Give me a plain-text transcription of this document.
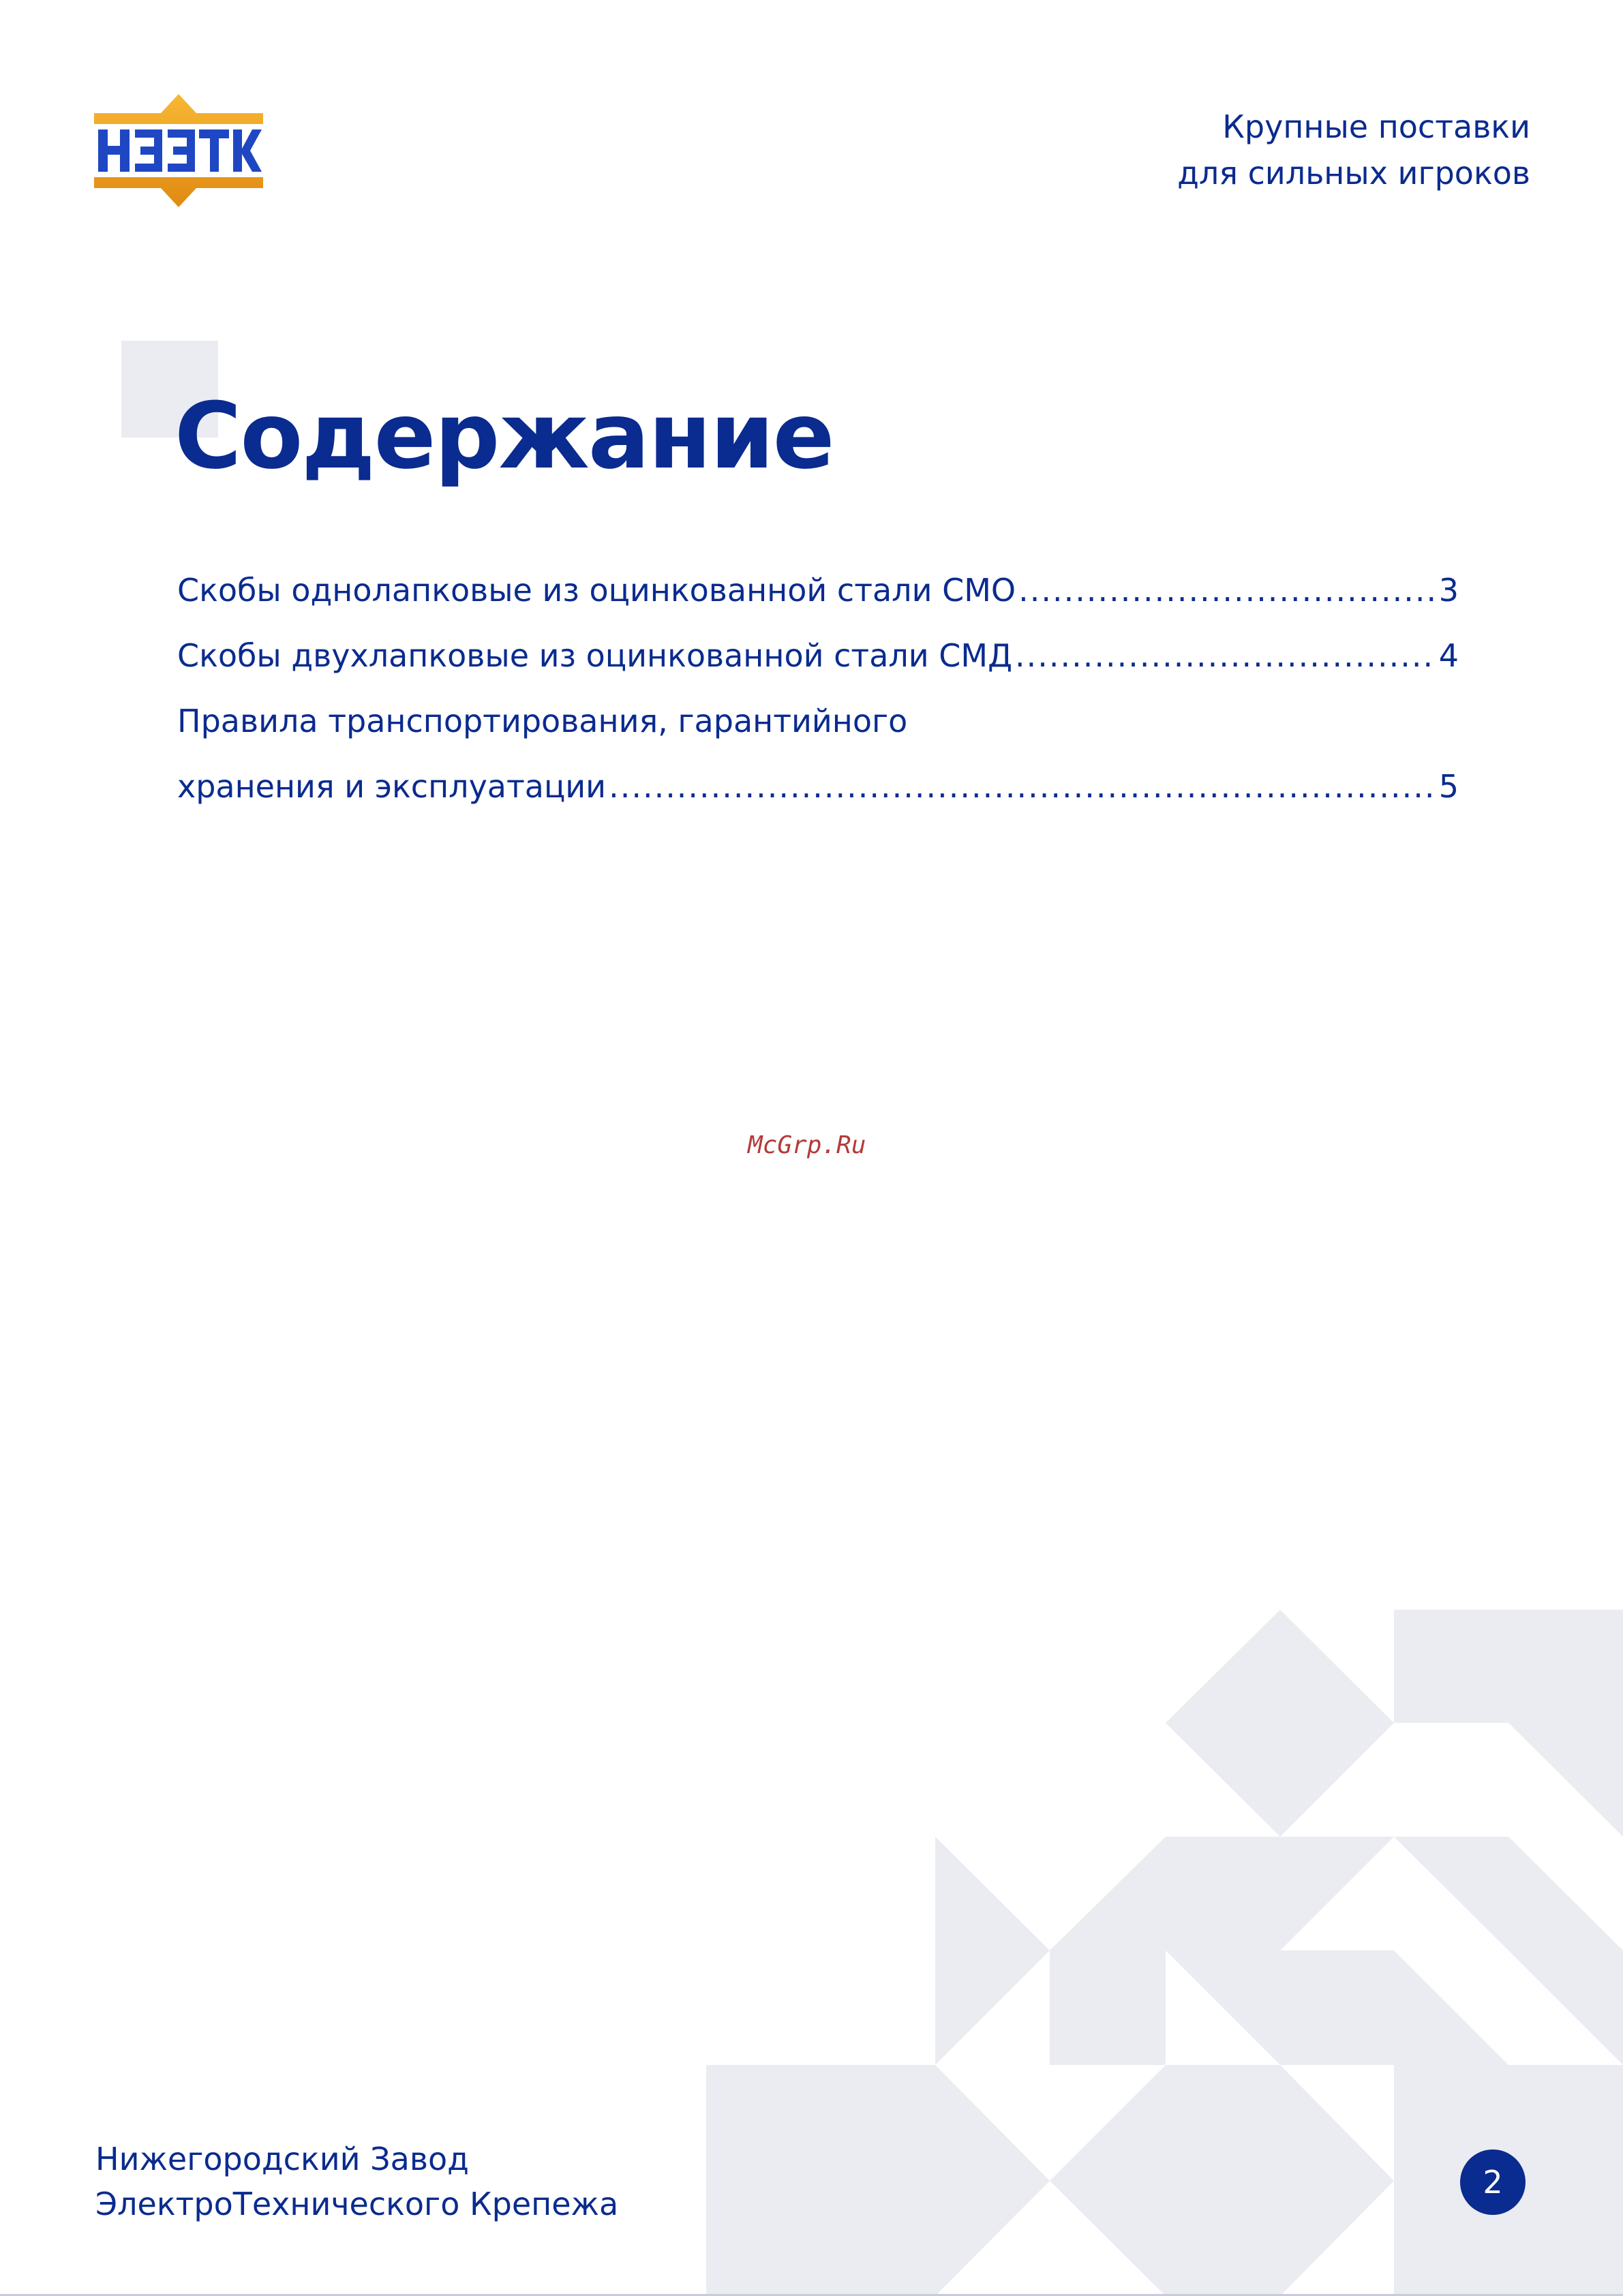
Крупные поставки
для сильных игроков
Содержание
Скобы однолапковые из оцинкованной стали СМО .....	3
Скобы двухлапковые из оцинкованной стали СМД .....	4
Правила транспортирования, гарантийного
хранения и эксплуатации .....	5
McGrp.Ru
Нижегородский Завод
ЭлектроТехнического Крепежа
2
